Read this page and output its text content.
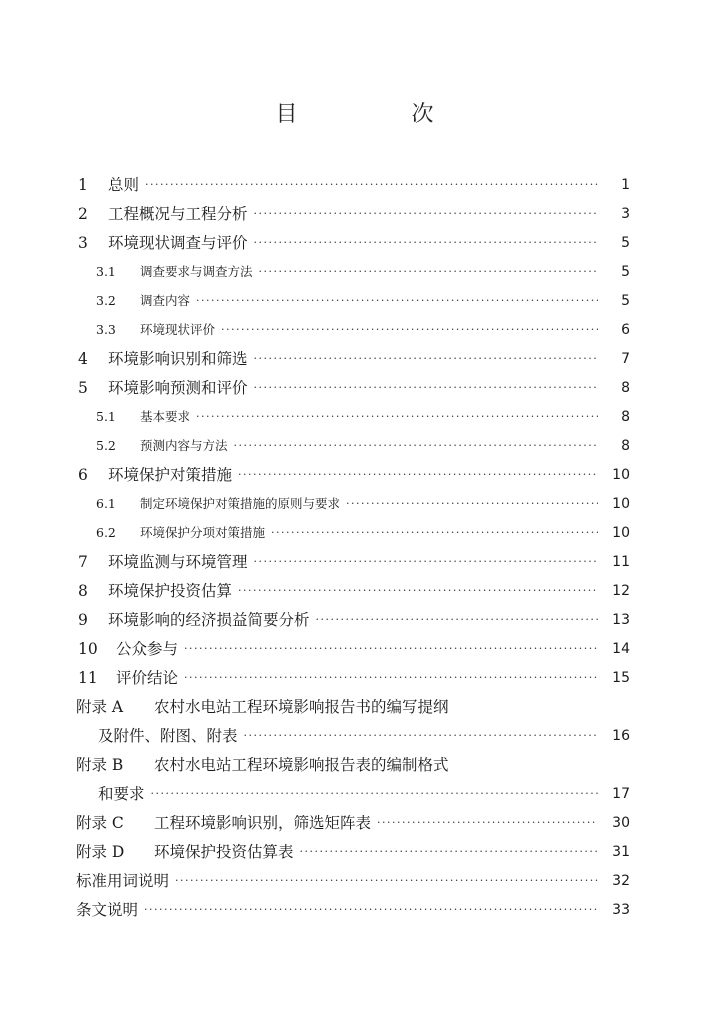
目　次
1	总则 ·····	1
2	工程概况与工程分析 ·····	3
3	环境现状调查与评价 ·····	5
3.1	调查要求与调查方法 ·····	5
3.2	调查内容 ·····	5
3.3	环境现状评价 ·····	6
4	环境影响识别和筛选 ·····	7
5	环境影响预测和评价 ·····	8
5.1	基本要求 ·····	8
5.2	预测内容与方法 ·····	8
6	环境保护对策措施 ·····	10
6.1	制定环境保护对策措施的原则与要求 ·····	10
6.2	环境保护分项对策措施 ·····	10
7	环境监测与环境管理 ·····	11
8	环境保护投资估算 ·····	12
9	环境影响的经济损益简要分析 ·····	13
10	公众参与 ·····	14
11	评价结论 ·····	15
附录 A	农村水电站工程环境影响报告书的编写提纲
及附件、附图、附表 ·····	16
附录 B	农村水电站工程环境影响报告表的编制格式
和要求 ·····	17
附录 C	工程环境影响识别，筛选矩阵表 ·····	30
附录 D	环境保护投资估算表 ·····	31
标准用词说明 ·····	32
条文说明 ·····	33
